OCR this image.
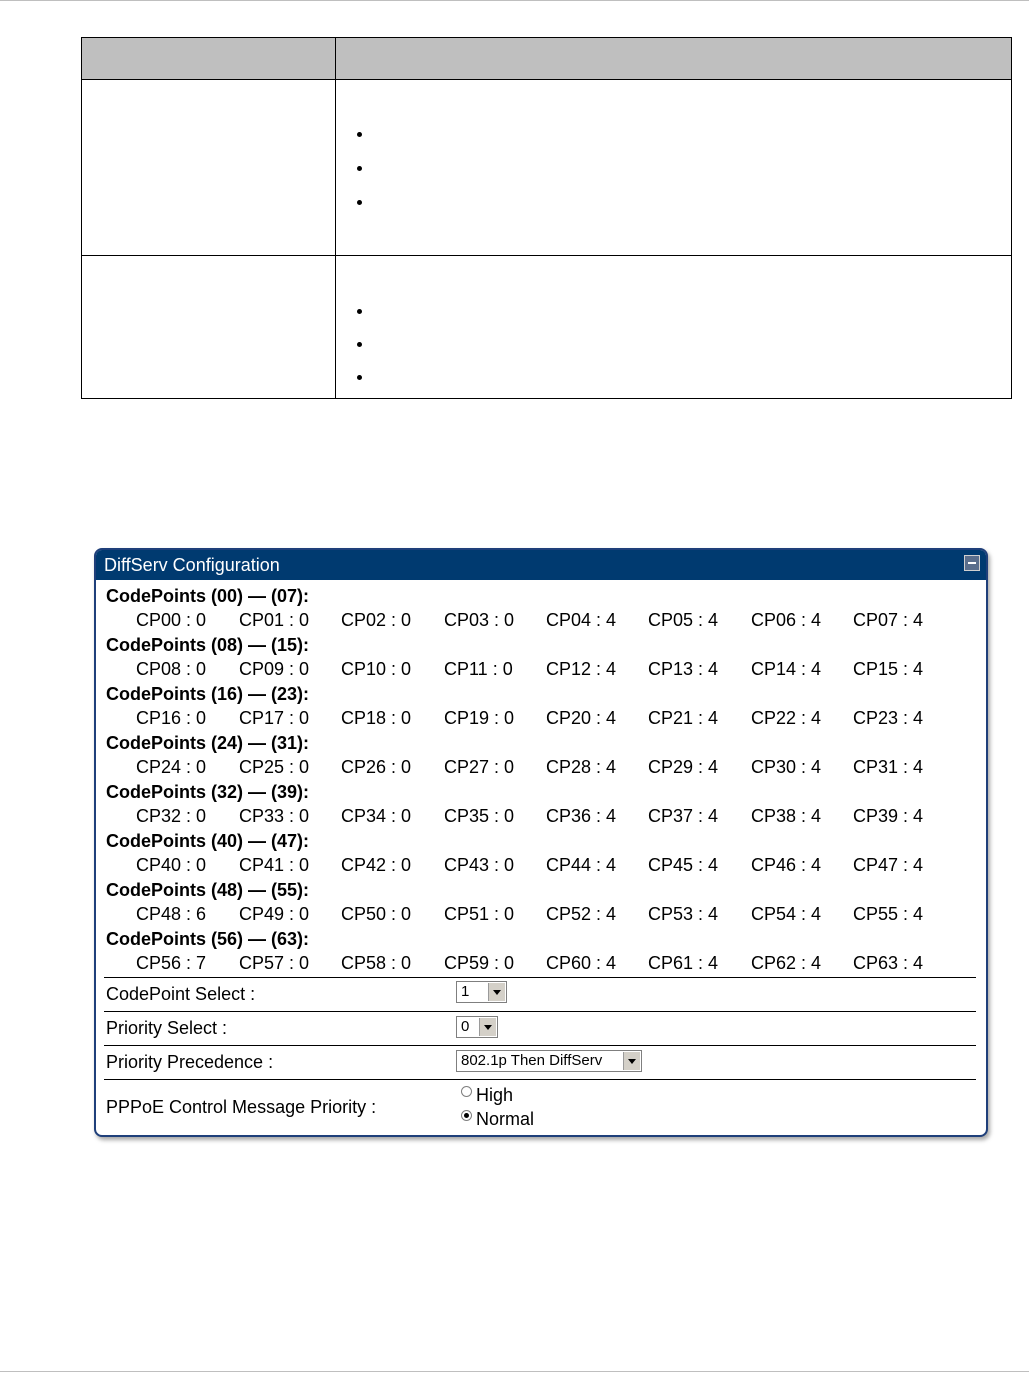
DiffServ Configuration
CodePoints (00) — (07):
CP00 : 0 CP01 : 0 CP02 : 0 CP03 : 0 CP04 : 4 CP05 : 4 CP06 : 4 CP07 : 4
CodePoints (08) — (15):
CP08 : 0 CP09 : 0 CP10 : 0 CP11 : 0 CP12 : 4 CP13 : 4 CP14 : 4 CP15 : 4
CodePoints (16) — (23):
CP16 : 0 CP17 : 0 CP18 : 0 CP19 : 0 CP20 : 4 CP21 : 4 CP22 : 4 CP23 : 4
CodePoints (24) — (31):
CP24 : 0 CP25 : 0 CP26 : 0 CP27 : 0 CP28 : 4 CP29 : 4 CP30 : 4 CP31 : 4
CodePoints (32) — (39):
CP32 : 0 CP33 : 0 CP34 : 0 CP35 : 0 CP36 : 4 CP37 : 4 CP38 : 4 CP39 : 4
CodePoints (40) — (47):
CP40 : 0 CP41 : 0 CP42 : 0 CP43 : 0 CP44 : 4 CP45 : 4 CP46 : 4 CP47 : 4
CodePoints (48) — (55):
CP48 : 6 CP49 : 0 CP50 : 0 CP51 : 0 CP52 : 4 CP53 : 4 CP54 : 4 CP55 : 4
CodePoints (56) — (63):
CP56 : 7 CP57 : 0 CP58 : 0 CP59 : 0 CP60 : 4 CP61 : 4 CP62 : 4 CP63 : 4
CodePoint Select :	1
Priority Select :	0
Priority Precedence :	802.1p Then DiffServ
PPPoE Control Message Priority :
High
Normal
